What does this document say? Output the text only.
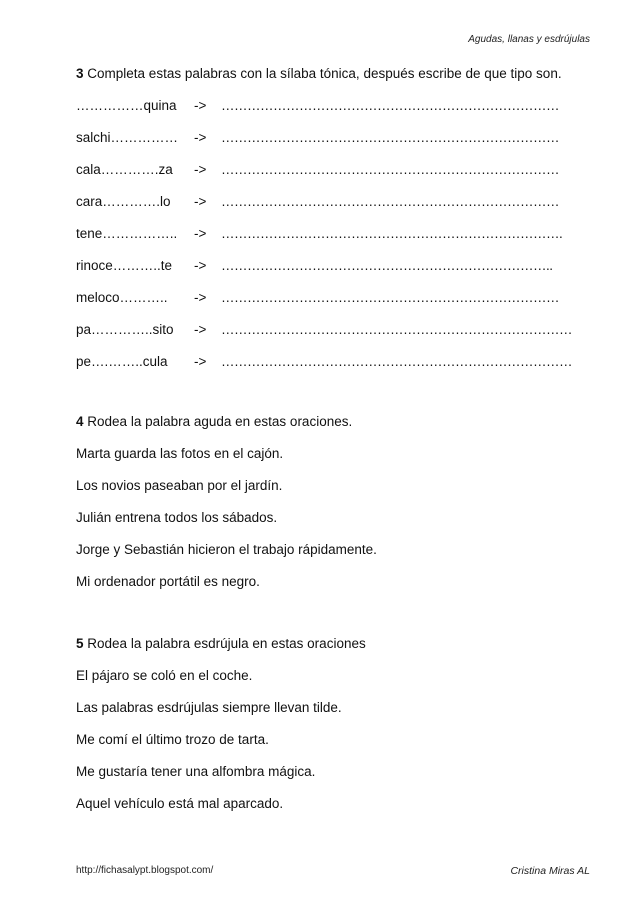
Agudas, llanas y esdrújulas

3 Completa estas palabras con la sílaba tónica, después escribe de que tipo son.

……………quina -> ……………………………………………………………………
salchi…………… -> ……………………………………………………………………
cala………….za -> ……………………………………………………………………
cara………….lo -> ……………………………………………………………………
tene…………….. -> …………………………………………………………………….
rinoce………..te -> …………………………………………………………………..
meloco……….. -> ……………………………………………………………………
pa…………..sito -> ………………………………………………………………………
pe….……..cula -> ………………………………………………………………………

4 Rodea la palabra aguda en estas oraciones.

Marta guarda las fotos en el cajón.
Los novios paseaban por el jardín.
Julián entrena todos los sábados.
Jorge y Sebastián hicieron el trabajo rápidamente.
Mi ordenador portátil es negro.

5 Rodea la palabra esdrújula en estas oraciones

El pájaro se coló en el coche.
Las palabras esdrújulas siempre llevan tilde.
Me comí el último trozo de tarta.
Me gustaría tener una alfombra mágica.
Aquel vehículo está mal aparcado.
http://fichasalypt.blogspot.com/	Cristina Miras AL
